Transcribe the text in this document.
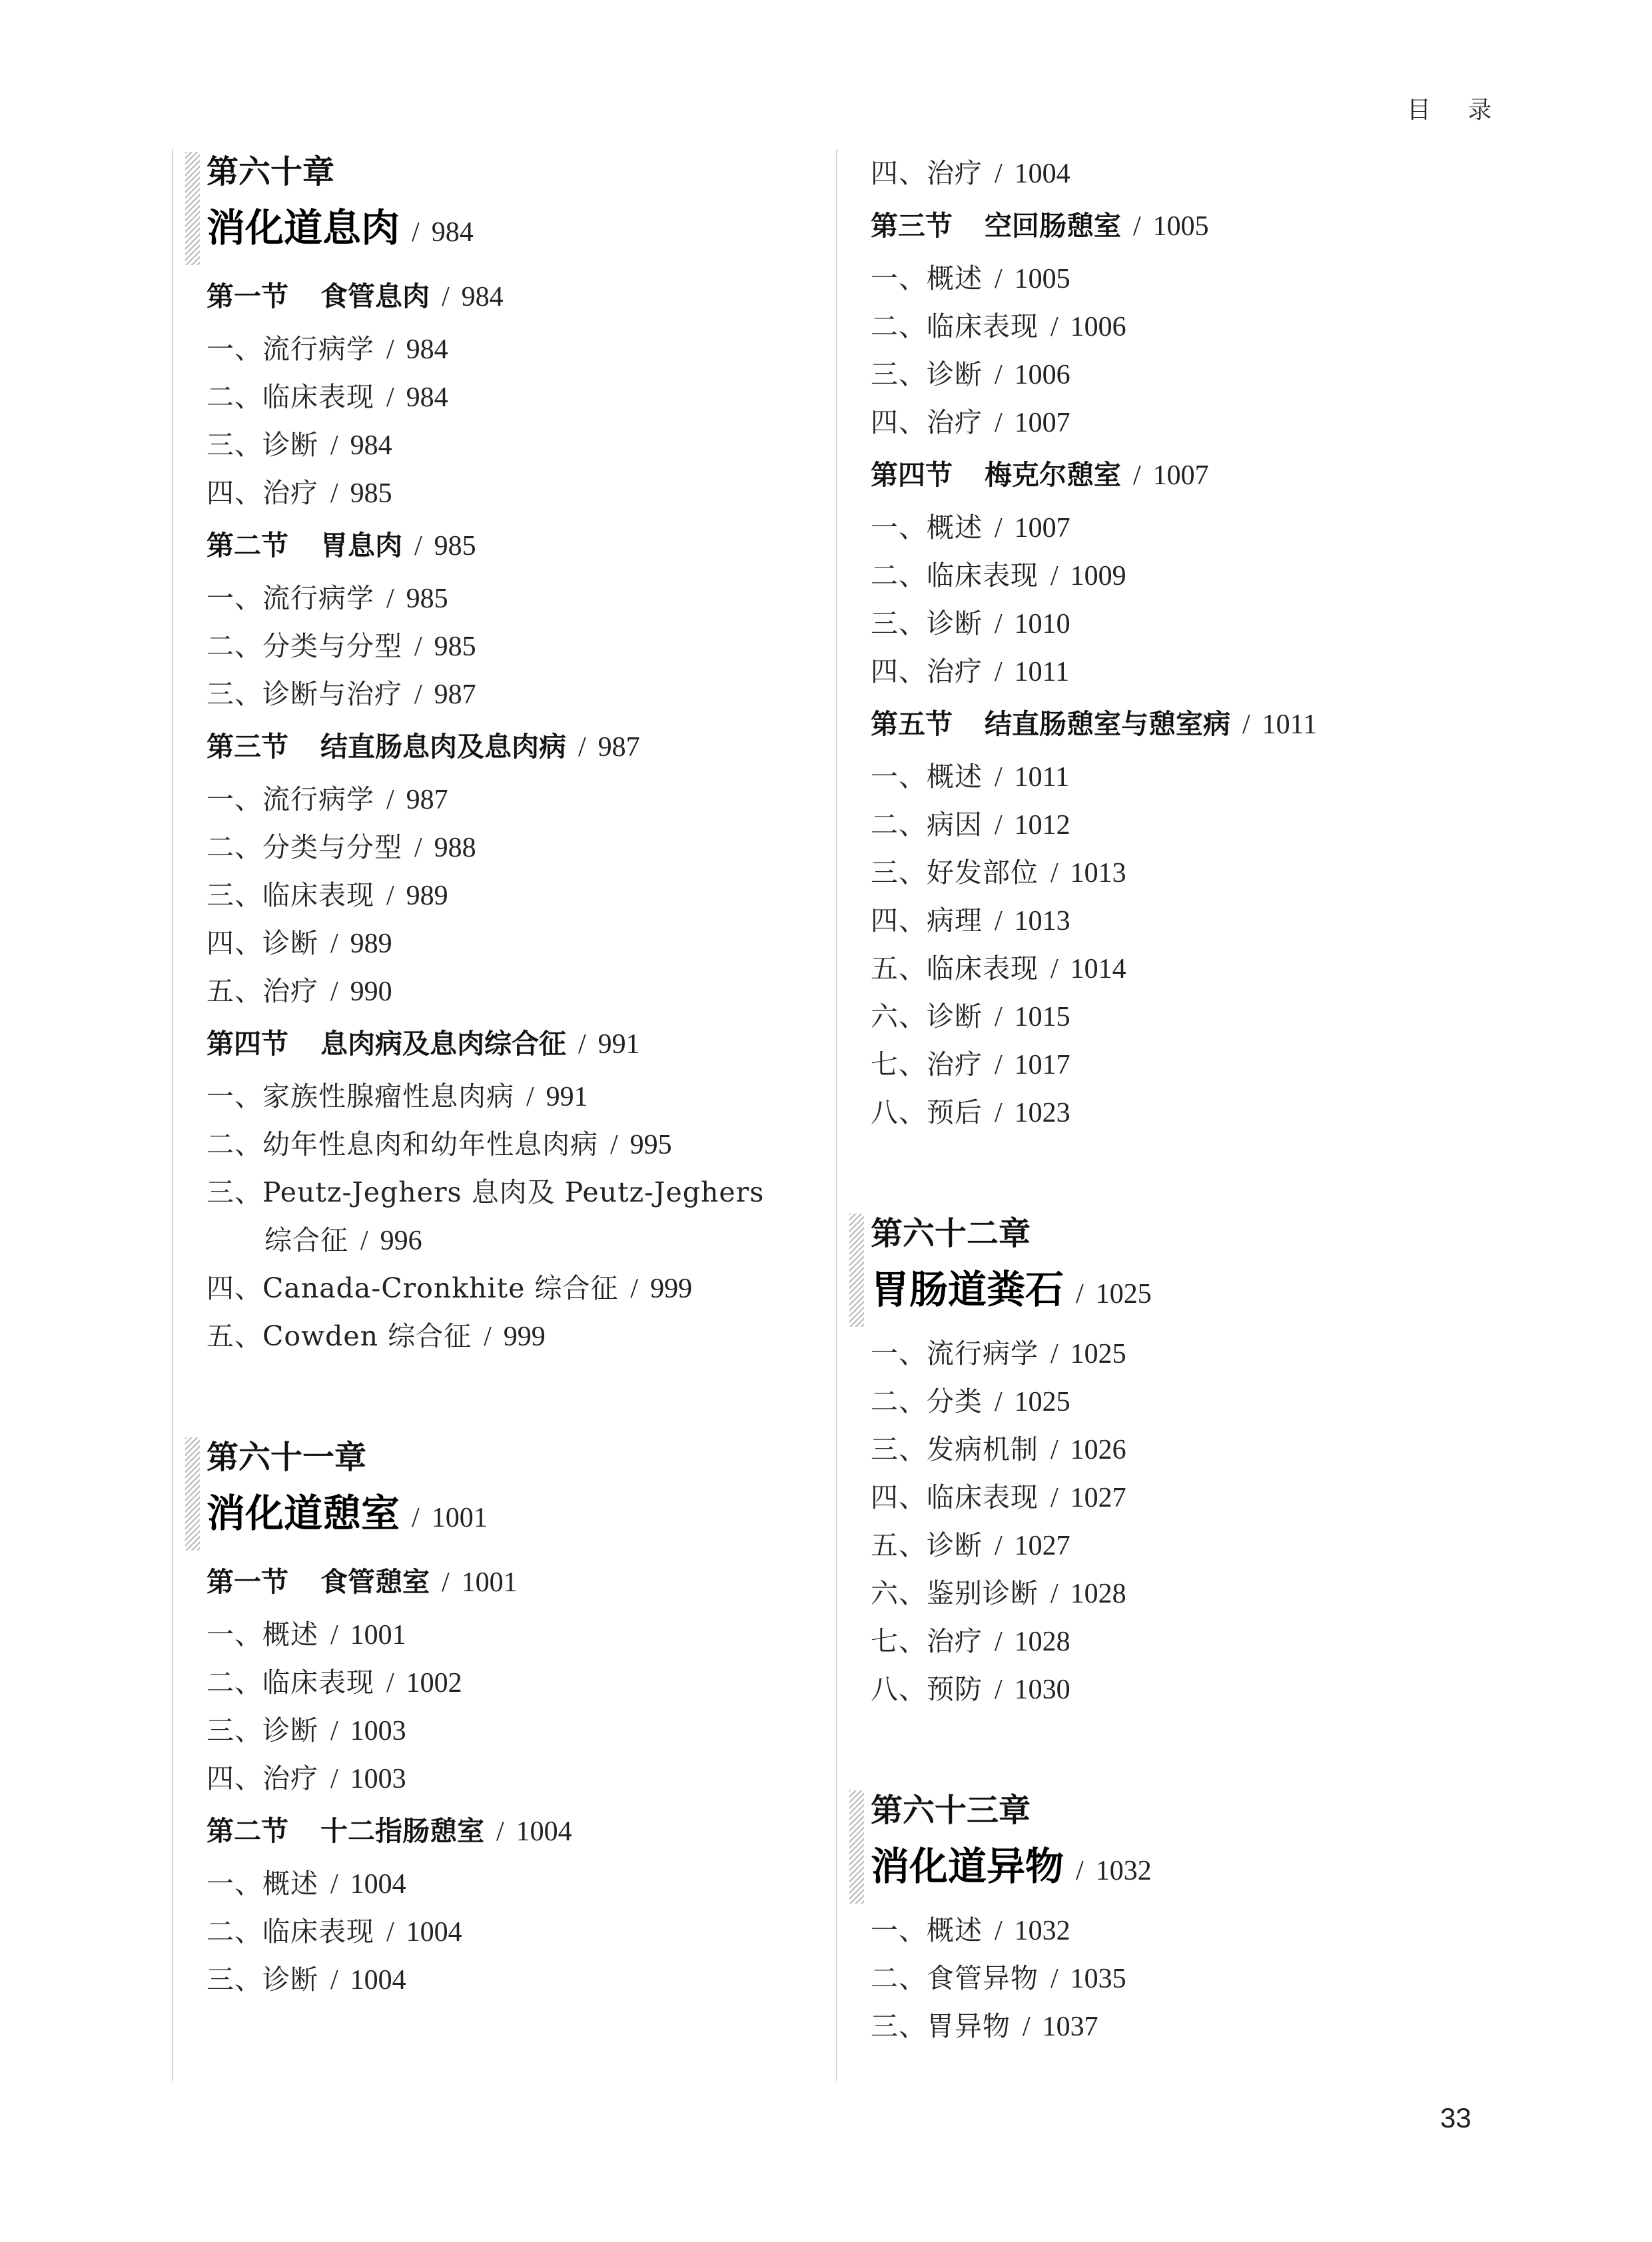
目 录
第六十章
消化道息肉 / 984
第一节 食管息肉 / 984
一、流行病学 / 984
二、临床表现 / 984
三、诊断 / 984
四、治疗 / 985
第二节 胃息肉 / 985
一、流行病学 / 985
二、分类与分型 / 985
三、诊断与治疗 / 987
第三节 结直肠息肉及息肉病 / 987
一、流行病学 / 987
二、分类与分型 / 988
三、临床表现 / 989
四、诊断 / 989
五、治疗 / 990
第四节 息肉病及息肉综合征 / 991
一、家族性腺瘤性息肉病 / 991
二、幼年性息肉和幼年性息肉病 / 995
三、Peutz-Jeghers 息肉及 Peutz-Jeghers
综合征 / 996
四、Canada-Cronkhite 综合征 / 999
五、Cowden 综合征 / 999
第六十一章
消化道憩室 / 1001
第一节 食管憩室 / 1001
一、概述 / 1001
二、临床表现 / 1002
三、诊断 / 1003
四、治疗 / 1003
第二节 十二指肠憩室 / 1004
一、概述 / 1004
二、临床表现 / 1004
三、诊断 / 1004
四、治疗 / 1004
第三节 空回肠憩室 / 1005
一、概述 / 1005
二、临床表现 / 1006
三、诊断 / 1006
四、治疗 / 1007
第四节 梅克尔憩室 / 1007
一、概述 / 1007
二、临床表现 / 1009
三、诊断 / 1010
四、治疗 / 1011
第五节 结直肠憩室与憩室病 / 1011
一、概述 / 1011
二、病因 / 1012
三、好发部位 / 1013
四、病理 / 1013
五、临床表现 / 1014
六、诊断 / 1015
七、治疗 / 1017
八、预后 / 1023
第六十二章
胃肠道粪石 / 1025
一、流行病学 / 1025
二、分类 / 1025
三、发病机制 / 1026
四、临床表现 / 1027
五、诊断 / 1027
六、鉴别诊断 / 1028
七、治疗 / 1028
八、预防 / 1030
第六十三章
消化道异物 / 1032
一、概述 / 1032
二、食管异物 / 1035
三、胃异物 / 1037
33
